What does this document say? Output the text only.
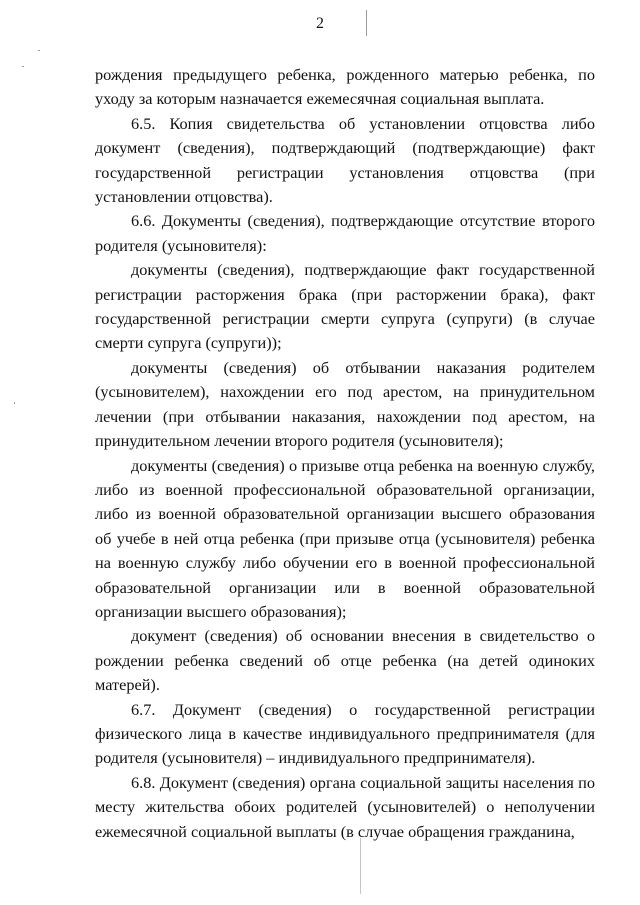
2

рождения предыдущего ребенка, рожденного матерью ребенка, по уходу за которым назначается ежемесячная социальная выплата.

6.5. Копия свидетельства об установлении отцовства либо документ (сведения), подтверждающий (подтверждающие) факт государственной регистрации установления отцовства (при установлении отцовства).

6.6. Документы (сведения), подтверждающие отсутствие второго родителя (усыновителя):

документы (сведения), подтверждающие факт государственной регистрации расторжения брака (при расторжении брака), факт государственной регистрации смерти супруга (супруги) (в случае смерти супруга (супруги));

документы (сведения) об отбывании наказания родителем (усыновителем), нахождении его под арестом, на принудительном лечении (при отбывании наказания, нахождении под арестом, на принудительном лечении второго родителя (усыновителя);

документы (сведения) о призыве отца ребенка на военную службу, либо из военной профессиональной образовательной организации, либо из военной образовательной организации высшего образования об учебе в ней отца ребенка (при призыве отца (усыновителя) ребенка на военную службу либо обучении его в военной профессиональной образовательной организации или в военной образовательной организации высшего образования);

документ (сведения) об основании внесения в свидетельство о рождении ребенка сведений об отце ребенка (на детей одиноких матерей).

6.7. Документ (сведения) о государственной регистрации физического лица в качестве индивидуального предпринимателя (для родителя (усыновителя) – индивидуального предпринимателя).

6.8. Документ (сведения) органа социальной защиты населения по месту жительства обоих родителей (усыновителей) о неполучении ежемесячной социальной выплаты (в случае обращения гражданина,
